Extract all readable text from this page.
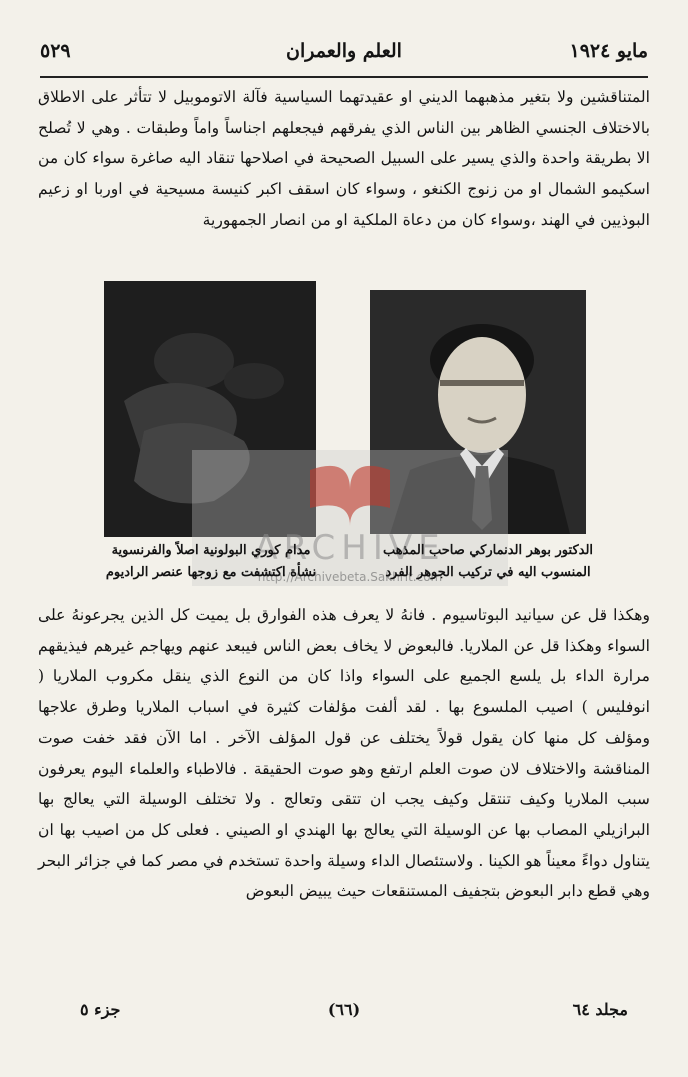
مايو ١٩٢٤
العلم والعمران
٥٢٩
المتناقشين ولا بتغير مذهبهما الديني او عقيدتهما السياسية فآلة الاتوموبيل لا تتأثر على الاطلاق بالاختلاف الجنسي الظاهر بين الناس الذي يفرقهم فيجعلهم اجناساً واماً وطبقات . وهي لا تُصلح الا بطريقة واحدة والذي يسير على السبيل الصحيحة في اصلاحها تنقاد اليه صاغرة سواء كان من اسكيمو الشمال او من زنوج الكنغو ، وسواء كان اسقف اكبر كنيسة مسيحية في اوربا او زعيم البوذيين في الهند ،وسواء كان من دعاة الملكية او من انصار الجمهورية
ARCHIVE
http://Archivebeta.Sakhrit.com
الدكتور بوهر الدنماركي صاحب المذهب
المنسوب اليه في تركيب الجوهر الفرد
مدام كوري البولونية اصلاً والفرنسوية
نشأة اكتشفت مع زوجها عنصر الراديوم
وهكذا قل عن سيانيد البوتاسيوم . فانهُ لا يعرف هذه الفوارق بل يميت كل الذين يجرعونهُ على السواء وهكذا قل عن الملاريا. فالبعوض لا يخاف بعض الناس فيبعد عنهم ويهاجم غيرهم فيذيقهم مرارة الداء بل يلسع الجميع على السواء واذا كان من النوع الذي ينقل مكروب الملاريا ( انوفليس ) اصيب الملسوع بها . لقد ألفت مؤلفات كثيرة في اسباب الملاريا وطرق علاجها ومؤلف كل منها كان يقول قولاً يختلف عن قول المؤلف الآخر . اما الآن فقد خفت صوت المناقشة والاختلاف لان صوت العلم ارتفع وهو صوت الحقيقة . فالاطباء والعلماء اليوم يعرفون سبب الملاريا وكيف تنتقل وكيف يجب ان تتقى وتعالج . ولا تختلف الوسيلة التي يعالج بها البرازيلي المصاب بها عن الوسيلة التي يعالج بها الهندي او الصيني . فعلى كل من اصيب بها ان يتناول دواءً معيناً هو الكينا . ولاستئصال الداء وسيلة واحدة تستخدم في مصر كما في جزائر البحر وهي قطع دابر البعوض بتجفيف المستنقعات حيث يبيض البعوض
مجلد ٦٤
(٦٦)
جزء ٥
